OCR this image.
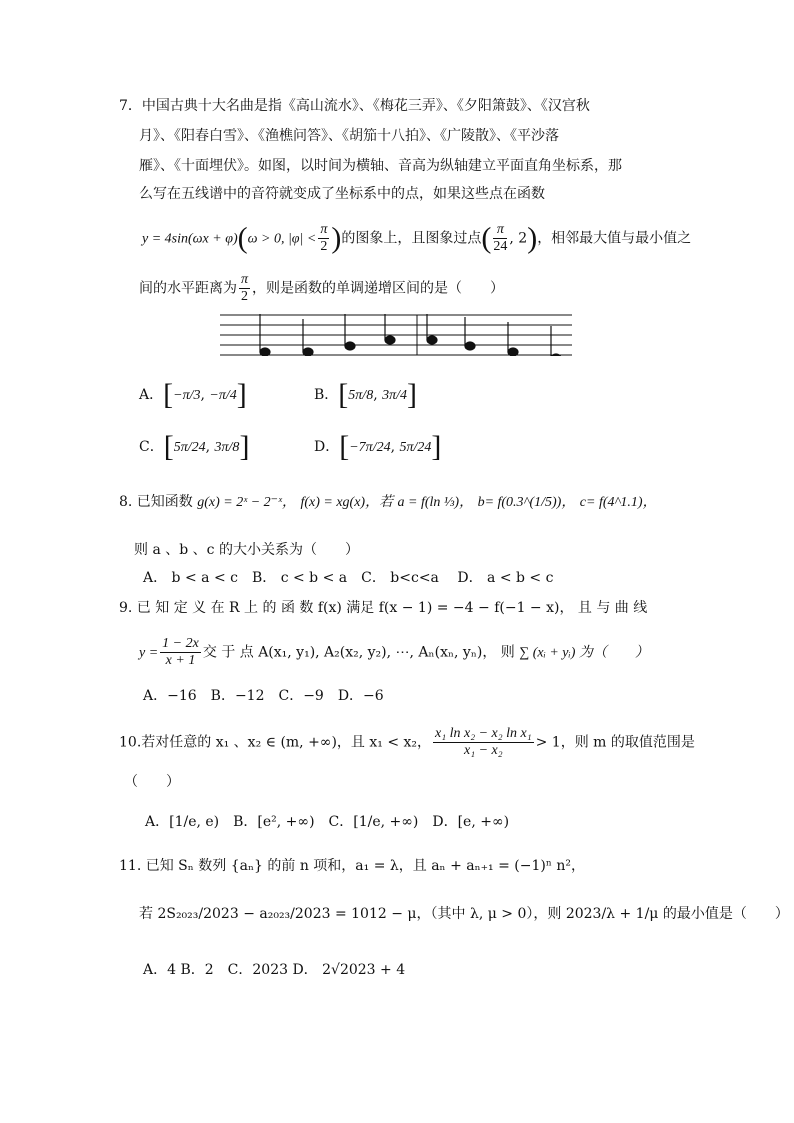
7．中国古典十大名曲是指《高山流水》、《梅花三弄》、《夕阳箫鼓》、《汉宫秋
月》、《阳春白雪》、《渔樵问答》、《胡笳十八拍》、《广陵散》、《平沙落
雁》、《十面埋伏》。如图，以时间为横轴、音高为纵轴建立平面直角坐标系，那
么写在五线谱中的音符就变成了坐标系中的点，如果这些点在函数
y = 4sin(ωx + φ)(ω > 0, $|\varphi| < \frac{\pi}{2}$ )的图象上，且图象过点( $\frac{\pi}{24}$ , 2)，相邻最大值与最小值之
间的水平距离为 $\frac{\pi}{2}$ ，则是函数的单调递增区间的是（　　）
A．[−π/3, −π/4]	B．[5π/8, 3π/4]
C．[5π/24, 3π/8]	D．[−7π/24, 5π/24]
8. 已知函数 g(x) = 2ˣ − 2⁻ˣ， f(x) = xg(x)，若 a = f(ln ⅓)， b= f(0.3^(1/5))， c= f(4^1.1)，
则 a 、b 、c 的大小关系为（　　）
A． b < a < c　B． c < b < a　C． b<c<a　 D． a < b < c
9. 已 知 定 义 在 R 上 的 函 数 f(x) 满足 f(x − 1) = −4 − f(−1 − x)， 且 与 曲 线
$y = \frac{1 - 2x}{x + 1}$ 交 于 点 A(x₁, y₁), A₂(x₂, y₂), ⋯, Aₙ(xₙ, yₙ)， 则 ∑ (xᵢ + yᵢ) 为（　　）
A．−16　B．−12　C．−9　D．−6
10.若对任意的 x₁ 、x₂ ∈ (m, +∞)，且 x₁ < x₂， $\frac{\text{x₁ ln x₂ − x₂ ln x₁}}{\text{x₁ − x₂}} > 1$，则 m 的取值范围是
（　　）
A．[1/e, e)　B．[e², +∞)　C．[1/e, +∞)　D．[e, +∞)
11. 已知 Sₙ 数列 {aₙ} 的前 n 项和，a₁ = λ，且 aₙ + aₙ₊₁ = (−1)ⁿ n²，
若 2S₂₀₂₃/2023 − a₂₀₂₃/2023 = 1012 − μ，（其中 λ, μ > 0），则 2023/λ + 1/μ 的最小值是（　　）
A．4 B．2　C．2023 D． 2√2023 + 4
